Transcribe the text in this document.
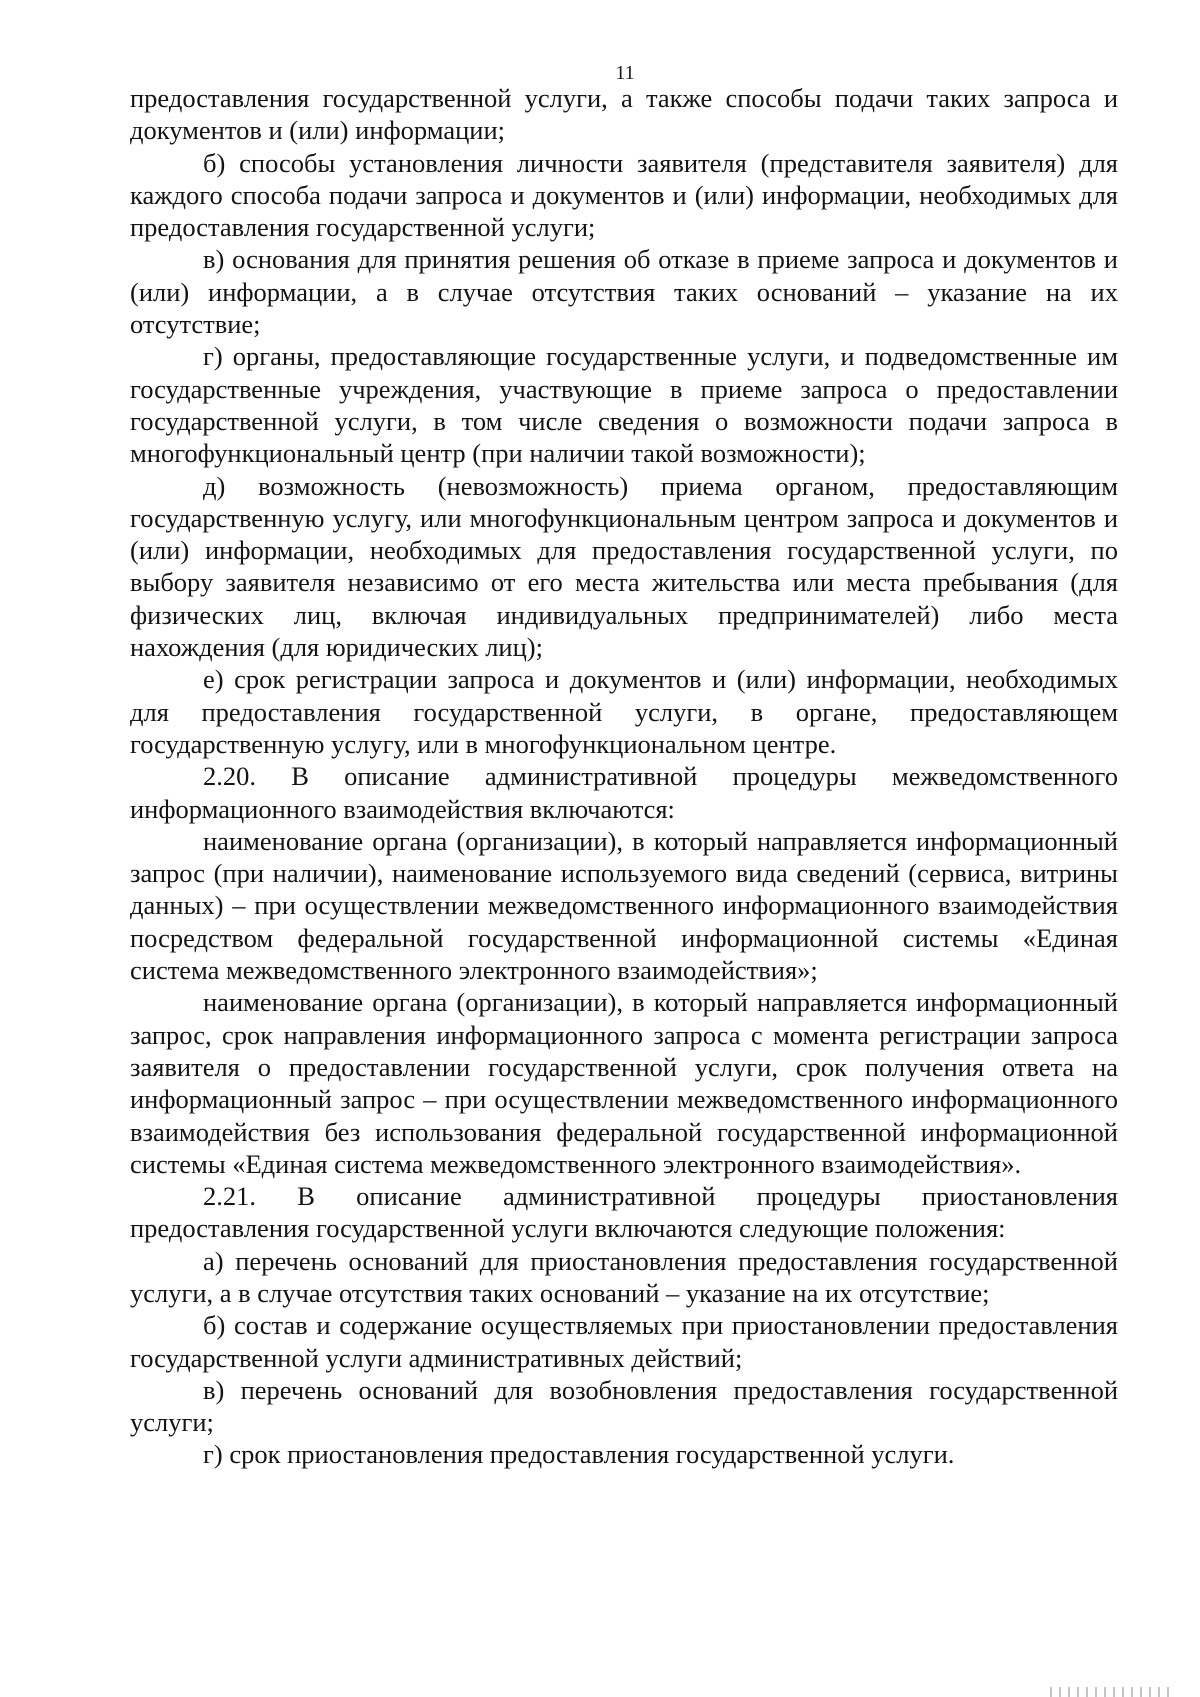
11

предоставления государственной услуги, а также способы подачи таких запроса и документов и (или) информации;

б) способы установления личности заявителя (представителя заявителя) для каждого способа подачи запроса и документов и (или) информации, необходимых для предоставления государственной услуги;

в) основания для принятия решения об отказе в приеме запроса и документов и (или) информации, а в случае отсутствия таких оснований – указание на их отсутствие;

г) органы, предоставляющие государственные услуги, и подведомственные им государственные учреждения, участвующие в приеме запроса о предоставлении государственной услуги, в том числе сведения о возможности подачи запроса в многофункциональный центр (при наличии такой возможности);

д) возможность (невозможность) приема органом, предоставляющим государственную услугу, или многофункциональным центром запроса и документов и (или) информации, необходимых для предоставления государственной услуги, по выбору заявителя независимо от его места жительства или места пребывания (для физических лиц, включая индивидуальных предпринимателей) либо места нахождения (для юридических лиц);

е) срок регистрации запроса и документов и (или) информации, необходимых для предоставления государственной услуги, в органе, предоставляющем государственную услугу, или в многофункциональном центре.

2.20. В описание административной процедуры межведомственного информационного взаимодействия включаются:

наименование органа (организации), в который направляется информационный запрос (при наличии), наименование используемого вида сведений (сервиса, витрины данных) – при осуществлении межведомственного информационного взаимодействия посредством федеральной государственной информационной системы «Единая система межведомственного электронного взаимодействия»;

наименование органа (организации), в который направляется информационный запрос, срок направления информационного запроса с момента регистрации запроса заявителя о предоставлении государственной услуги, срок получения ответа на информационный запрос – при осуществлении межведомственного информационного взаимодействия без использования федеральной государственной информационной системы «Единая система межведомственного электронного взаимодействия».

2.21. В описание административной процедуры приостановления предоставления государственной услуги включаются следующие положения:

а) перечень оснований для приостановления предоставления государственной услуги, а в случае отсутствия таких оснований – указание на их отсутствие;

б) состав и содержание осуществляемых при приостановлении предоставления государственной услуги административных действий;

в) перечень оснований для возобновления предоставления государственной услуги;

г) срок приостановления предоставления государственной услуги.
